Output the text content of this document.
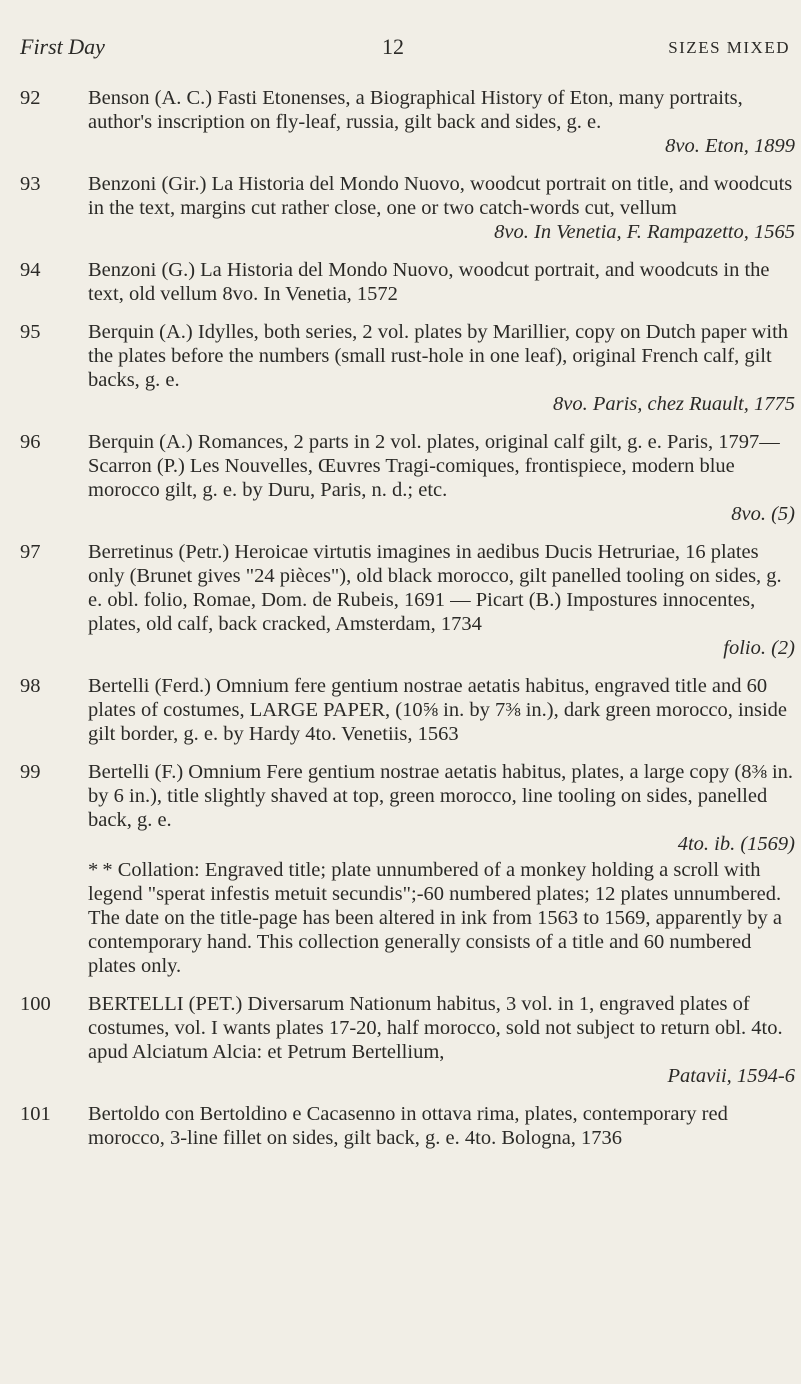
First Day	12	SIZES MIXED
92	Benson (A. C.) Fasti Etonenses, a Biographical History of Eton, many portraits, author's inscription on fly-leaf, russia, gilt back and sides, g. e.
8vo. Eton, 1899
93	Benzoni (Gir.) La Historia del Mondo Nuovo, woodcut portrait on title, and woodcuts in the text, margins cut rather close, one or two catch-words cut, vellum
8vo. In Venetia, F. Rampazetto, 1565
94	Benzoni (G.) La Historia del Mondo Nuovo, woodcut portrait, and woodcuts in the text, old vellum 8vo. In Venetia, 1572
95	Berquin (A.) Idylles, both series, 2 vol. plates by Marillier, copy on Dutch paper with the plates before the numbers (small rust-hole in one leaf), original French calf, gilt backs, g. e.
8vo. Paris, chez Ruault, 1775
96	Berquin (A.) Romances, 2 parts in 2 vol. plates, original calf gilt, g. e. Paris, 1797—Scarron (P.) Les Nouvelles, Œuvres Tragi-comiques, frontispiece, modern blue morocco gilt, g. e. by Duru, Paris, n. d.; etc.
8vo. (5)
97	Berretinus (Petr.) Heroicae virtutis imagines in aedibus Ducis Hetruriae, 16 plates only (Brunet gives "24 pièces"), old black morocco, gilt panelled tooling on sides, g. e. obl. folio, Romae, Dom. de Rubeis, 1691 — Picart (B.) Impostures innocentes, plates, old calf, back cracked, Amsterdam, 1734
folio. (2)
98	Bertelli (Ferd.) Omnium fere gentium nostrae aetatis habitus, engraved title and 60 plates of costumes, LARGE PAPER, (10⅝ in. by 7⅜ in.), dark green morocco, inside gilt border, g. e. by Hardy 4to. Venetiis, 1563
99	Bertelli (F.) Omnium Fere gentium nostrae aetatis habitus, plates, a large copy (8⅜ in. by 6 in.), title slightly shaved at top, green morocco, line tooling on sides, panelled back, g. e.
4to. ib. (1569)
* * Collation: Engraved title; plate unnumbered of a monkey holding a scroll with legend "sperat infestis metuit secundis";-60 numbered plates; 12 plates unnumbered. The date on the title-page has been altered in ink from 1563 to 1569, apparently by a contemporary hand. This collection generally consists of a title and 60 numbered plates only.
100	BERTELLI (PET.) Diversarum Nationum habitus, 3 vol. in 1, engraved plates of costumes, vol. I wants plates 17-20, half morocco, sold not subject to return obl. 4to. apud Alciatum Alcia: et Petrum Bertellium,
Patavii, 1594-6
101	Bertoldo con Bertoldino e Cacasenno in ottava rima, plates, contemporary red morocco, 3-line fillet on sides, gilt back, g. e. 4to. Bologna, 1736
